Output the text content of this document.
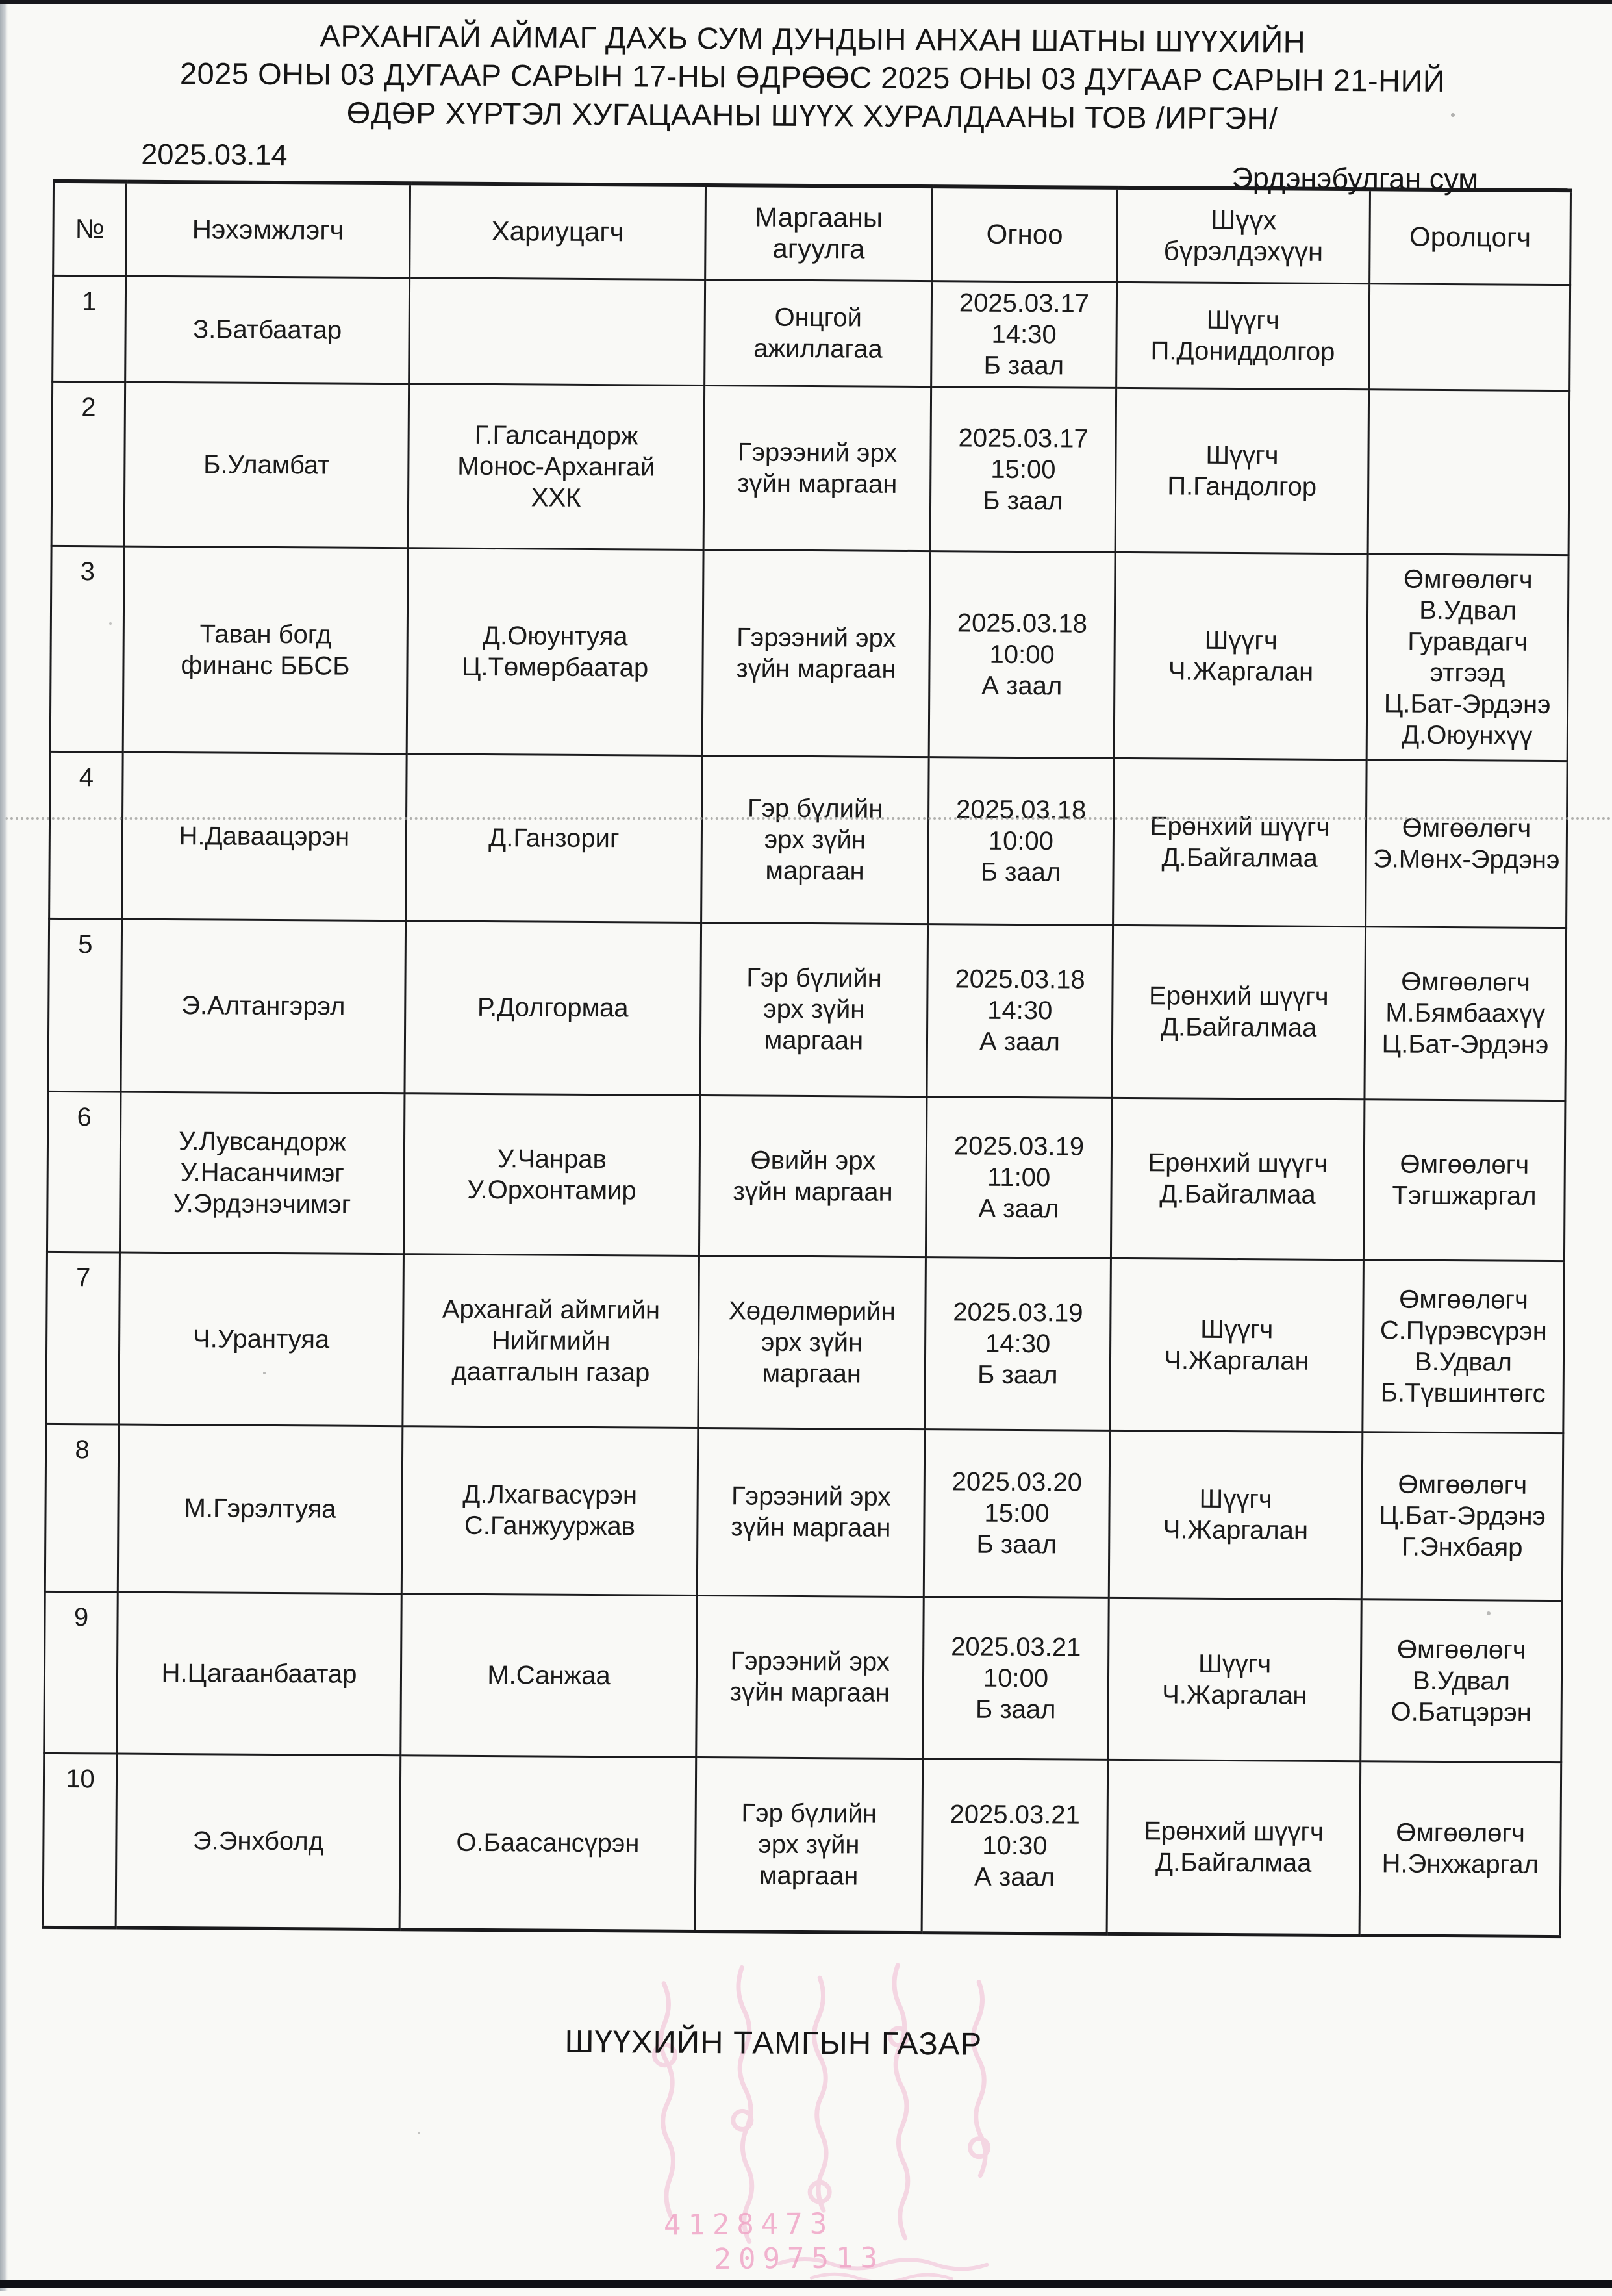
АРХАНГАЙ АЙМАГ ДАХЬ СУМ ДУНДЫН АНХАН ШАТНЫ ШҮҮХИЙН
2025 ОНЫ 03 ДУГААР САРЫН 17-НЫ ӨДРӨӨС 2025 ОНЫ 03 ДУГААР САРЫН 21-НИЙ
ӨДӨР ХҮРТЭЛ ХУГАЦААНЫ ШҮҮХ ХУРАЛДААНЫ ТОВ /ИРГЭН/
2025.03.14
Эрдэнэбулган сум
№	Нэхэмжлэгч	Хариуцагч	Маргааны
агуулга	Огноо	Шүүх
бүрэлдэхүүн	Оролцогч
1	З.Батбаатар		Онцгой
ажиллагаа	2025.03.17
14:30
Б заал	Шүүгч
П.Дониддолгор	
2	Б.Уламбат	Г.Галсандорж
Монос-Архангай
ХХК	Гэрээний эрх
зүйн маргаан	2025.03.17
15:00
Б заал	Шүүгч
П.Гандолгор	
3	Таван богд
финанс ББСБ	Д.Оюунтуяа
Ц.Төмөрбаатар	Гэрээний эрх
зүйн маргаан	2025.03.18
10:00
А заал	Шүүгч
Ч.Жаргалан	Өмгөөлөгч
В.Удвал
Гуравдагч
этгээд
Ц.Бат-Эрдэнэ
Д.Оюунхүү
4	Н.Даваацэрэн	Д.Ганзориг	Гэр бүлийн
эрх зүйн
маргаан	2025.03.18
10:00
Б заал	Ерөнхий шүүгч
Д.Байгалмаа	Өмгөөлөгч
Э.Мөнх-Эрдэнэ
5	Э.Алтангэрэл	Р.Долгормаа	Гэр бүлийн
эрх зүйн
маргаан	2025.03.18
14:30
А заал	Ерөнхий шүүгч
Д.Байгалмаа	Өмгөөлөгч
М.Бямбаахүү
Ц.Бат-Эрдэнэ
6	У.Лувсандорж
У.Насанчимэг
У.Эрдэнэчимэг	У.Чанрав
У.Орхонтамир	Өвийн эрх
зүйн маргаан	2025.03.19
11:00
А заал	Ерөнхий шүүгч
Д.Байгалмаа	Өмгөөлөгч
Тэгшжаргал
7	Ч.Урантуяа	Архангай аймгийн
Нийгмийн
даатгалын газар	Хөдөлмөрийн
эрх зүйн
маргаан	2025.03.19
14:30
Б заал	Шүүгч
Ч.Жаргалан	Өмгөөлөгч
С.Пүрэвсүрэн
В.Удвал
Б.Түвшинтөгс
8	М.Гэрэлтуяа	Д.Лхагвасүрэн
С.Ганжууржав	Гэрээний эрх
зүйн маргаан	2025.03.20
15:00
Б заал	Шүүгч
Ч.Жаргалан	Өмгөөлөгч
Ц.Бат-Эрдэнэ
Г.Энхбаяр
9	Н.Цагаанбаатар	М.Санжаа	Гэрээний эрх
зүйн маргаан	2025.03.21
10:00
Б заал	Шүүгч
Ч.Жаргалан	Өмгөөлөгч
В.Удвал
О.Батцэрэн
10	Э.Энхболд	О.Баасансүрэн	Гэр бүлийн
эрх зүйн
маргаан	2025.03.21
10:30
А заал	Ерөнхий шүүгч
Д.Байгалмаа	Өмгөөлөгч
Н.Энхжаргал
ШҮҮХИЙН ТАМГЫН ГАЗАР
4128473
2097513
